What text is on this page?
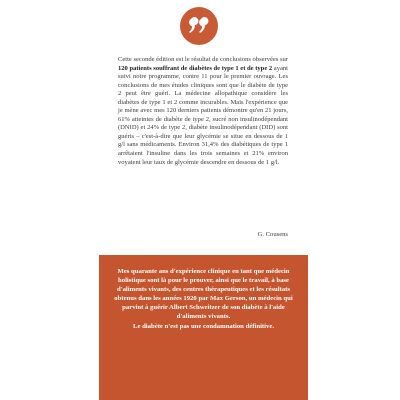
Cette seconde édition est le résultat de conclusions observées sur 120 patients souffrant de diabètes de type 1 et de type 2 ayant suivi notre programme, contre 11 pour le premier ouvrage. Les conclusions de mes études cliniques sont que le diabète de type 2 peut être guéri. La médecine allopathique considère les diabètes de type 1 et 2 comme incurables. Mais l'expérience que je mène avec mes 120 derniers patients démontre qu'en 21 jours, 61% atteintes de diabète de type 2, sucré non insulinodépendant (DNID) et 24% de type 2, diabète insulinodépendant (DID) sont guéris – c'est-à-dire que leur glycémie se situe en dessous de 1 g/l sans médicaments. Environ 31,4% des diabétiques de type 1 arrêtaient l'insuline dans les trois semaines et 21% environ voyaient leur taux de glycémie descendre en dessous de 1 g/l.

G. Cousens

Mes quarante ans d'expérience clinique en tant que médecin holistique sont là pour le prouver, ainsi que le travail, à base d'aliments vivants, des centres thérapeutiques et les résultats obtenus dans les années 1920 par Max Gerson, un médecin qui parvint à guérir Albert Schweitzer de son diabète à l'aide d'aliments vivants.

Le diabète n'est pas une condamnation définitive.
